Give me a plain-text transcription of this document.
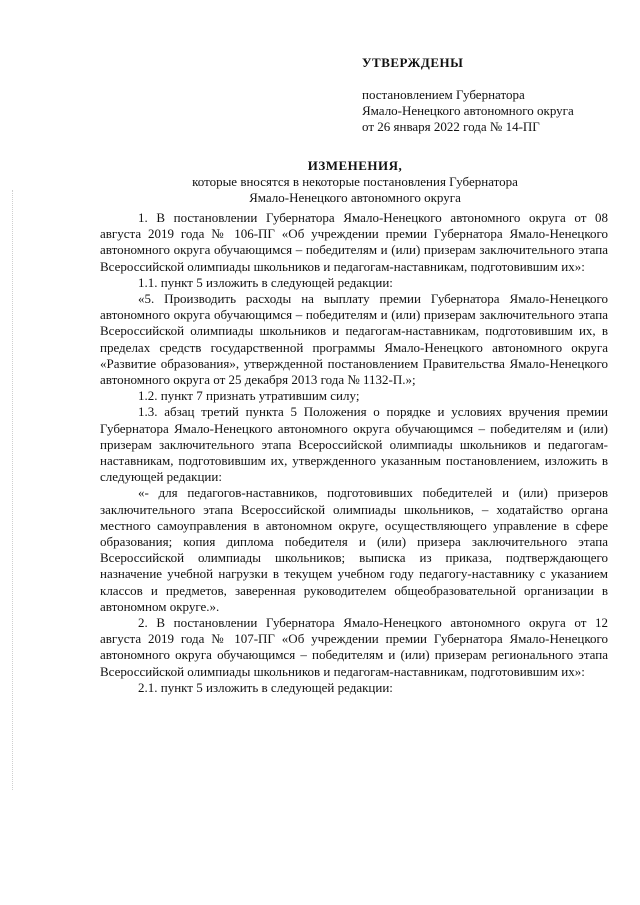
УТВЕРЖДЕНЫ
постановлением Губернатора
Ямало-Ненецкого автономного округа
от 26 января 2022 года № 14-ПГ
ИЗМЕНЕНИЯ,
которые вносятся в некоторые постановления Губернатора
Ямало-Ненецкого автономного округа

1. В постановлении Губернатора Ямало-Ненецкого автономного округа от 08 августа 2019 года № 106-ПГ «Об учреждении премии Губернатора Ямало-Ненецкого автономного округа обучающимся – победителям и (или) призерам заключительного этапа Всероссийской олимпиады школьников и педагогам-наставникам, подготовившим их»:

1.1. пункт 5 изложить в следующей редакции:

«5. Производить расходы на выплату премии Губернатора Ямало-Ненецкого автономного округа обучающимся – победителям и (или) призерам заключительного этапа Всероссийской олимпиады школьников и педагогам-наставникам, подготовившим их, в пределах средств государственной программы Ямало-Ненецкого автономного округа «Развитие образования», утвержденной постановлением Правительства Ямало-Ненецкого автономного округа от 25 декабря 2013 года № 1132-П.»;

1.2. пункт 7 признать утратившим силу;

1.3. абзац третий пункта 5 Положения о порядке и условиях вручения премии Губернатора Ямало-Ненецкого автономного округа обучающимся – победителям и (или) призерам заключительного этапа Всероссийской олимпиады школьников и педагогам-наставникам, подготовившим их, утвержденного указанным постановлением, изложить в следующей редакции:

«- для педагогов-наставников, подготовивших победителей и (или) призеров заключительного этапа Всероссийской олимпиады школьников, – ходатайство органа местного самоуправления в автономном округе, осуществляющего управление в сфере образования; копия диплома победителя и (или) призера заключительного этапа Всероссийской олимпиады школьников; выписка из приказа, подтверждающего назначение учебной нагрузки в текущем учебном году педагогу-наставнику с указанием классов и предметов, заверенная руководителем общеобразовательной организации в автономном округе.».

2. В постановлении Губернатора Ямало-Ненецкого автономного округа от 12 августа 2019 года № 107-ПГ «Об учреждении премии Губернатора Ямало-Ненецкого автономного округа обучающимся – победителям и (или) призерам регионального этапа Всероссийской олимпиады школьников и педагогам-наставникам, подготовившим их»:

2.1. пункт 5 изложить в следующей редакции:
